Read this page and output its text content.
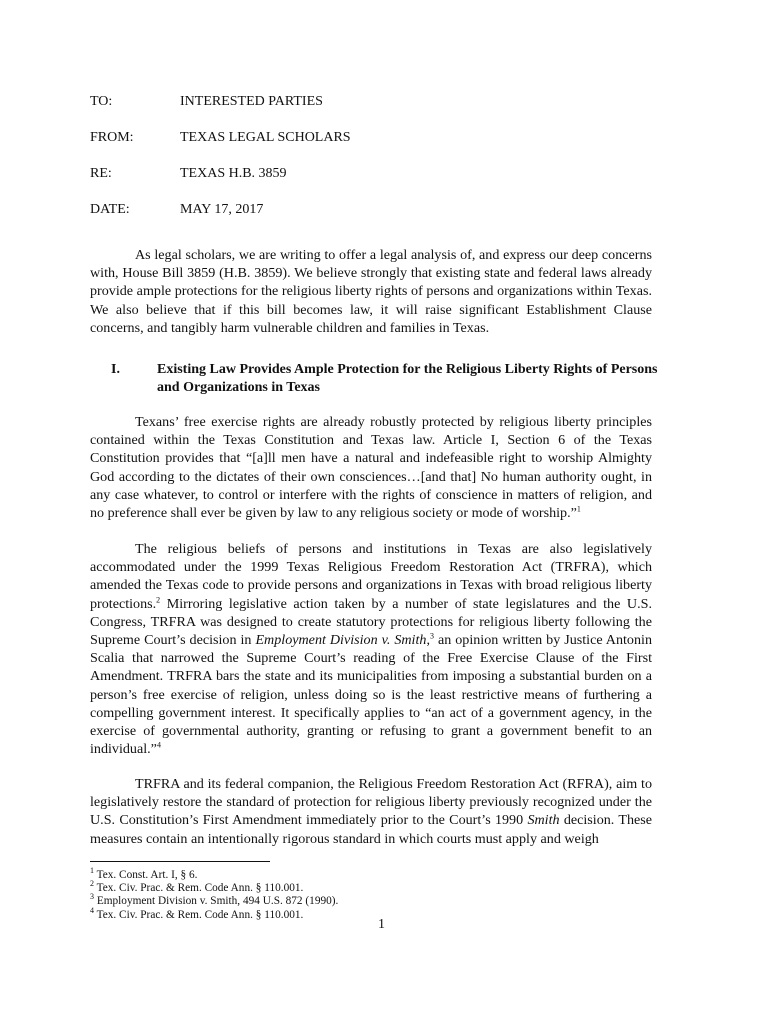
TO:	INTERESTED PARTIES
FROM:	TEXAS LEGAL SCHOLARS
RE:	TEXAS H.B. 3859
DATE:	MAY 17, 2017

As legal scholars, we are writing to offer a legal analysis of, and express our deep concerns with, House Bill 3859 (H.B. 3859). We believe strongly that existing state and federal laws already provide ample protections for the religious liberty rights of persons and organizations within Texas. We also believe that if this bill becomes law, it will raise significant Establishment Clause concerns, and tangibly harm vulnerable children and families in Texas.

I.	Existing Law Provides Ample Protection for the Religious Liberty Rights of Persons and Organizations in Texas

Texans’ free exercise rights are already robustly protected by religious liberty principles contained within the Texas Constitution and Texas law. Article I, Section 6 of the Texas Constitution provides that “[a]ll men have a natural and indefeasible right to worship Almighty God according to the dictates of their own consciences…[and that] No human authority ought, in any case whatever, to control or interfere with the rights of conscience in matters of religion, and no preference shall ever be given by law to any religious society or mode of worship.”$^1$

The religious beliefs of persons and institutions in Texas are also legislatively accommodated under the 1999 Texas Religious Freedom Restoration Act (TRFRA), which amended the Texas code to provide persons and organizations in Texas with broad religious liberty protections.$^2$ Mirroring legislative action taken by a number of state legislatures and the U.S. Congress, TRFRA was designed to create statutory protections for religious liberty following the Supreme Court’s decision in Employment Division v. Smith,$^3$ an opinion written by Justice Antonin Scalia that narrowed the Supreme Court’s reading of the Free Exercise Clause of the First Amendment. TRFRA bars the state and its municipalities from imposing a substantial burden on a person’s free exercise of religion, unless doing so is the least restrictive means of furthering a compelling government interest. It specifically applies to “an act of a government agency, in the exercise of governmental authority, granting or refusing to grant a government benefit to an individual.”$^4$

TRFRA and its federal companion, the Religious Freedom Restoration Act (RFRA), aim to legislatively restore the standard of protection for religious liberty previously recognized under the U.S. Constitution’s First Amendment immediately prior to the Court’s 1990 Smith decision. These measures contain an intentionally rigorous standard in which courts must apply and weigh

$^1$ Tex. Const. Art. I, § 6.
$^2$ Tex. Civ. Prac. & Rem. Code Ann. § 110.001.
$^3$ Employment Division v. Smith, 494 U.S. 872 (1990).
$^4$ Tex. Civ. Prac. & Rem. Code Ann. § 110.001.
1
